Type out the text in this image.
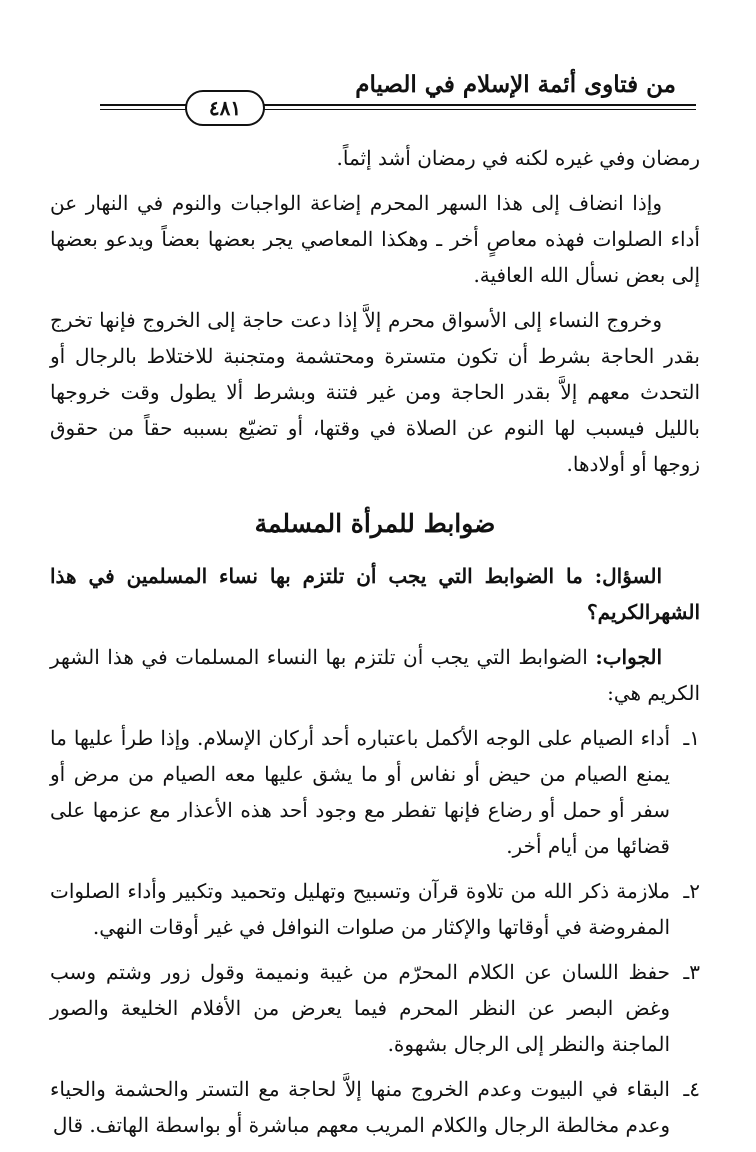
من فتاوى أئمة الإسلام في الصيام
٤٨١

رمضان وفي غيره لكنه في رمضان أشد إثماً.

وإذا انضاف إلى هذا السهر المحرم إضاعة الواجبات والنوم في النهار عن أداء الصلوات فهذه معاصٍ أخر ـ وهكذا المعاصي يجر بعضها بعضاً ويدعو بعضها إلى بعض نسأل الله العافية.

وخروج النساء إلى الأسواق محرم إلاَّ إذا دعت حاجة إلى الخروج فإنها تخرج بقدر الحاجة بشرط أن تكون متسترة ومحتشمة ومتجنبة للاختلاط بالرجال أو التحدث معهم إلاَّ بقدر الحاجة ومن غير فتنة وبشرط ألا يطول وقت خروجها بالليل فيسبب لها النوم عن الصلاة في وقتها، أو تضيّع بسببه حقاً من حقوق زوجها أو أولادها.

ضوابط للمرأة المسلمة

السؤال: ما الضوابط التي يجب أن تلتزم بها نساء المسلمين في هذا الشهرالكريم؟

الجواب: الضوابط التي يجب أن تلتزم بها النساء المسلمات في هذا الشهر الكريم هي:

١ـأداء الصيام على الوجه الأكمل باعتباره أحد أركان الإسلام. وإذا طرأ عليها ما يمنع الصيام من حيض أو نفاس أو ما يشق عليها معه الصيام من مرض أو سفر أو حمل أو رضاع فإنها تفطر مع وجود أحد هذه الأعذار مع عزمها على قضائها من أيام أخر.

٢ـملازمة ذكر الله من تلاوة قرآن وتسبيح وتهليل وتحميد وتكبير وأداء الصلوات المفروضة في أوقاتها والإكثار من صلوات النوافل في غير أوقات النهي.

٣ـحفظ اللسان عن الكلام المحرّم من غيبة ونميمة وقول زور وشتم وسب وغض البصر عن النظر المحرم فيما يعرض من الأفلام الخليعة والصور الماجنة والنظر إلى الرجال بشهوة.

٤ـالبقاء في البيوت وعدم الخروج منها إلاَّ لحاجة مع التستر والحشمة والحياء وعدم مخالطة الرجال والكلام المريب معهم مباشرة أو بواسطة الهاتف. قال
